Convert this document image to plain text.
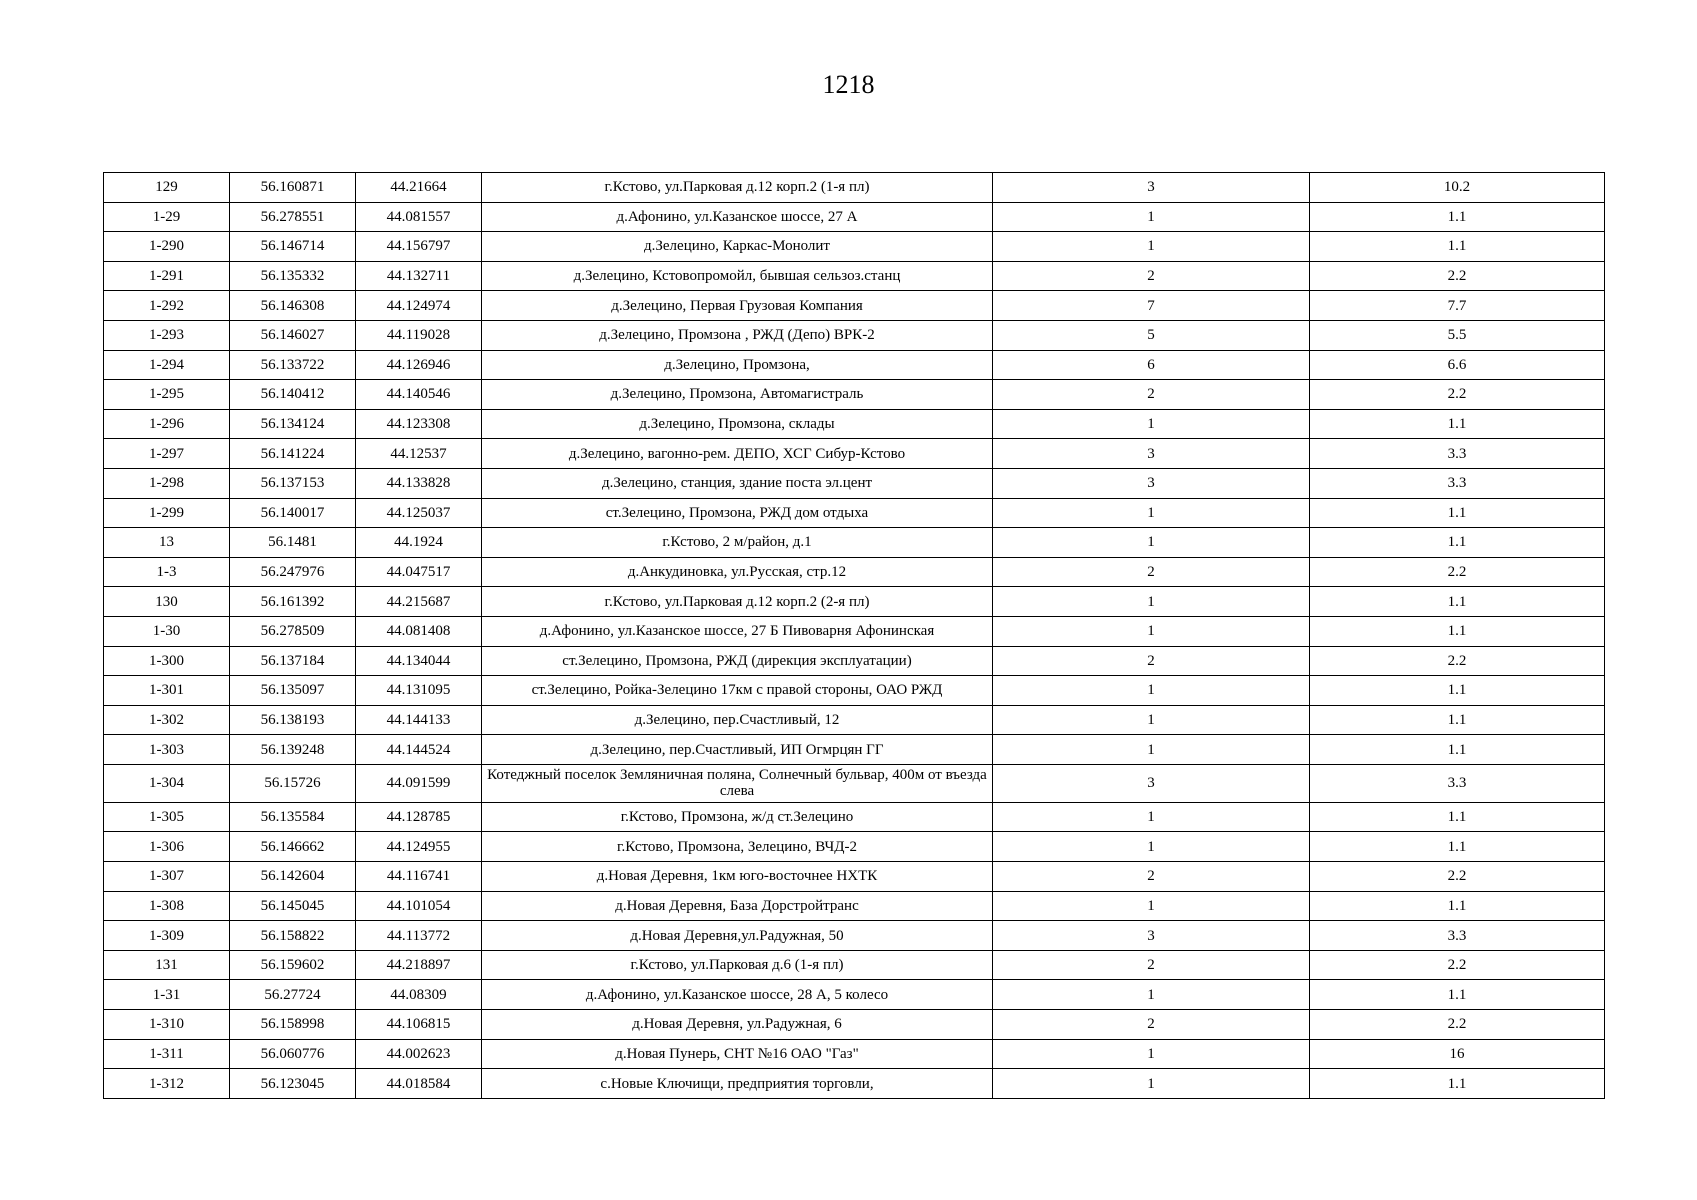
1218
129	56.160871	44.21664	г.Кстово, ул.Парковая д.12 корп.2 (1-я пл)	3	10.2
1-29	56.278551	44.081557	д.Афонино, ул.Казанское шоссе, 27 А	1	1.1
1-290	56.146714	44.156797	д.Зелецино, Каркас-Монолит	1	1.1
1-291	56.135332	44.132711	д.Зелецино, Кстовопромойл, бывшая сельзоз.станц	2	2.2
1-292	56.146308	44.124974	д.Зелецино, Первая Грузовая Компания	7	7.7
1-293	56.146027	44.119028	д.Зелецино, Промзона , РЖД (Депо) ВРК-2	5	5.5
1-294	56.133722	44.126946	д.Зелецино, Промзона,	6	6.6
1-295	56.140412	44.140546	д.Зелецино, Промзона, Автомагистраль	2	2.2
1-296	56.134124	44.123308	д.Зелецино, Промзона, склады	1	1.1
1-297	56.141224	44.12537	д.Зелецино, вагонно-рем. ДЕПО, ХСГ Сибур-Кстово	3	3.3
1-298	56.137153	44.133828	д.Зелецино, станция, здание поста эл.цент	3	3.3
1-299	56.140017	44.125037	ст.Зелецино, Промзона, РЖД дом отдыха	1	1.1
13	56.1481	44.1924	г.Кстово, 2 м/район, д.1	1	1.1
1-3	56.247976	44.047517	д.Анкудиновка, ул.Русская, стр.12	2	2.2
130	56.161392	44.215687	г.Кстово, ул.Парковая д.12 корп.2 (2-я пл)	1	1.1
1-30	56.278509	44.081408	д.Афонино, ул.Казанское шоссе, 27 Б Пивоварня Афонинская	1	1.1
1-300	56.137184	44.134044	ст.Зелецино, Промзона, РЖД (дирекция эксплуатации)	2	2.2
1-301	56.135097	44.131095	ст.Зелецино, Ройка-Зелецино 17км с правой стороны, ОАО РЖД	1	1.1
1-302	56.138193	44.144133	д.Зелецино, пер.Счастливый, 12	1	1.1
1-303	56.139248	44.144524	д.Зелецино, пер.Счастливый, ИП Огмрцян ГГ	1	1.1
1-304	56.15726	44.091599	Котеджный поселок Земляничная поляна, Солнечный бульвар, 400м от въезда слева	3	3.3
1-305	56.135584	44.128785	г.Кстово, Промзона, ж/д ст.Зелецино	1	1.1
1-306	56.146662	44.124955	г.Кстово, Промзона, Зелецино, ВЧД-2	1	1.1
1-307	56.142604	44.116741	д.Новая Деревня, 1км юго-восточнее НХТК	2	2.2
1-308	56.145045	44.101054	д.Новая Деревня, База Дорстройтранс	1	1.1
1-309	56.158822	44.113772	д.Новая Деревня,ул.Радужная, 50	3	3.3
131	56.159602	44.218897	г.Кстово, ул.Парковая д.6 (1-я пл)	2	2.2
1-31	56.27724	44.08309	д.Афонино, ул.Казанское шоссе, 28 А, 5 колесо	1	1.1
1-310	56.158998	44.106815	д.Новая Деревня, ул.Радужная, 6	2	2.2
1-311	56.060776	44.002623	д.Новая Пунерь, СНТ №16 ОАО "Газ"	1	16
1-312	56.123045	44.018584	с.Новые Ключищи, предприятия торговли,	1	1.1
